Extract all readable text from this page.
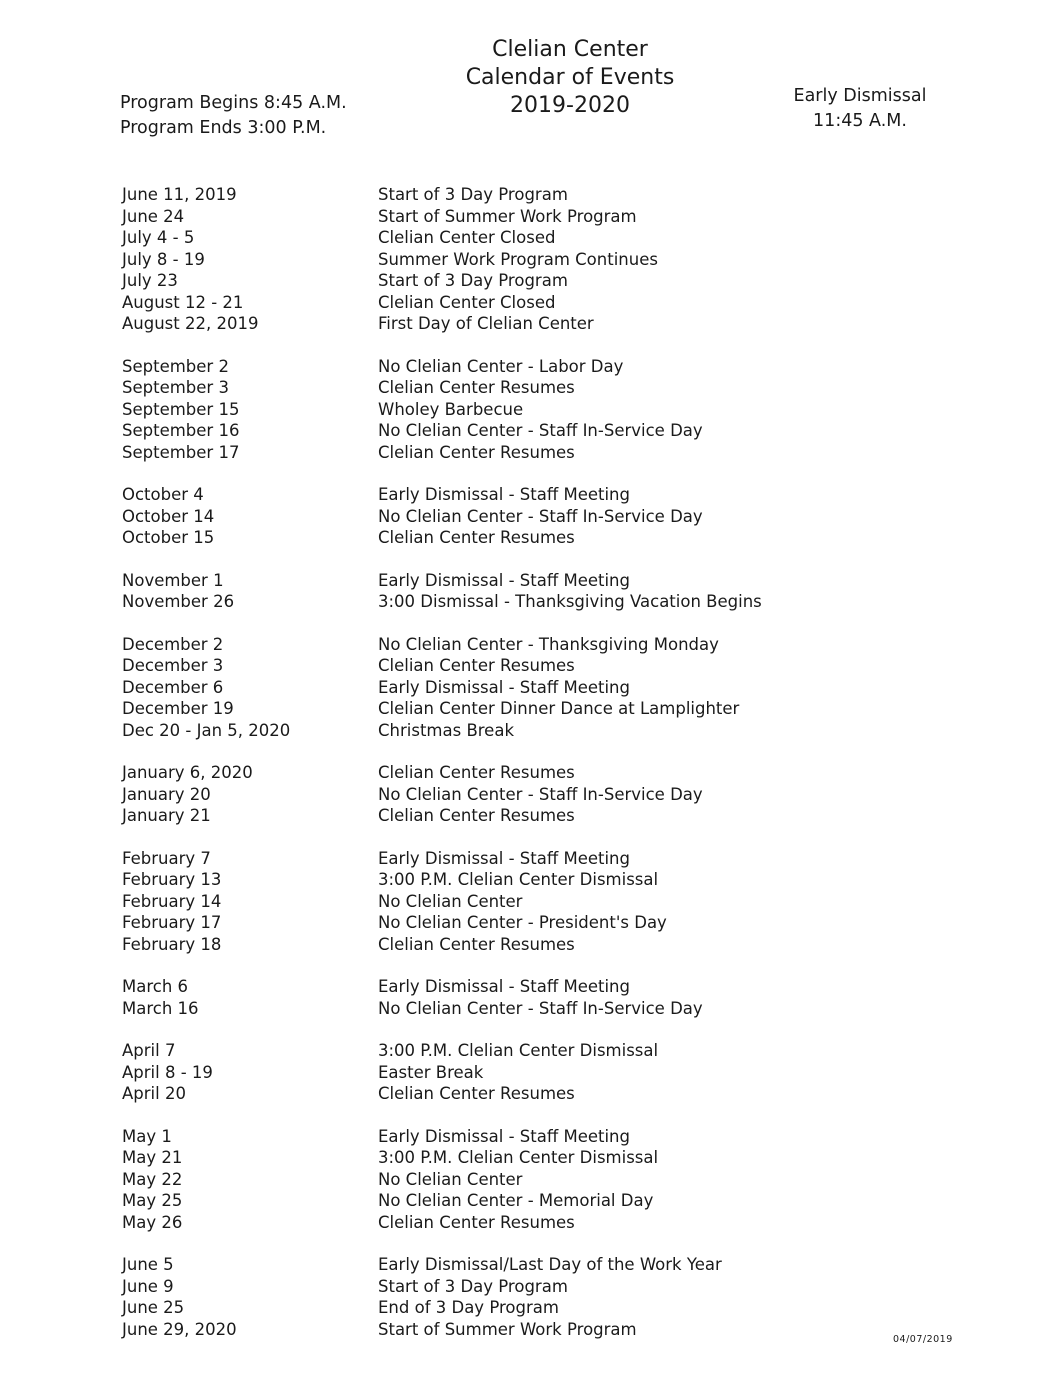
Clelian Center
Calendar of Events
2019-2020
Program Begins 8:45 A.M.
Program Ends 3:00 P.M.
Early Dismissal
11:45 A.M.
June 11, 2019	Start of 3 Day Program
June 24	Start of Summer Work Program
July 4 - 5	Clelian Center Closed
July 8 - 19	Summer Work Program Continues
July 23	Start of 3 Day Program
August 12 - 21	Clelian Center Closed
August 22, 2019	First Day of Clelian Center
September 2	No Clelian Center - Labor Day
September 3	Clelian Center Resumes
September 15	Wholey Barbecue
September 16	No Clelian Center - Staff In-Service Day
September 17	Clelian Center Resumes
October 4	Early Dismissal - Staff Meeting
October 14	No Clelian Center - Staff In-Service Day
October 15	Clelian Center Resumes
November 1	Early Dismissal - Staff Meeting
November 26	3:00 Dismissal - Thanksgiving Vacation Begins
December 2	No Clelian Center - Thanksgiving Monday
December 3	Clelian Center Resumes
December 6	Early Dismissal - Staff Meeting
December 19	Clelian Center Dinner Dance at Lamplighter
Dec 20 - Jan 5, 2020	Christmas Break
January 6, 2020	Clelian Center Resumes
January 20	No Clelian Center - Staff In-Service Day
January 21	Clelian Center Resumes
February 7	Early Dismissal - Staff Meeting
February 13	3:00 P.M. Clelian Center Dismissal
February 14	No Clelian Center
February 17	No Clelian Center - President's Day
February 18	Clelian Center Resumes
March 6	Early Dismissal - Staff Meeting
March 16	No Clelian Center - Staff In-Service Day
April 7	3:00 P.M. Clelian Center Dismissal
April 8 - 19	Easter Break
April 20	Clelian Center Resumes
May 1	Early Dismissal - Staff Meeting
May 21	3:00 P.M. Clelian Center Dismissal
May 22	No Clelian Center
May 25	No Clelian Center - Memorial Day
May 26	Clelian Center Resumes
June 5	Early Dismissal/Last Day of the Work Year
June 9	Start of 3 Day Program
June 25	End of 3 Day Program
June 29, 2020	Start of Summer Work Program
04/07/2019
